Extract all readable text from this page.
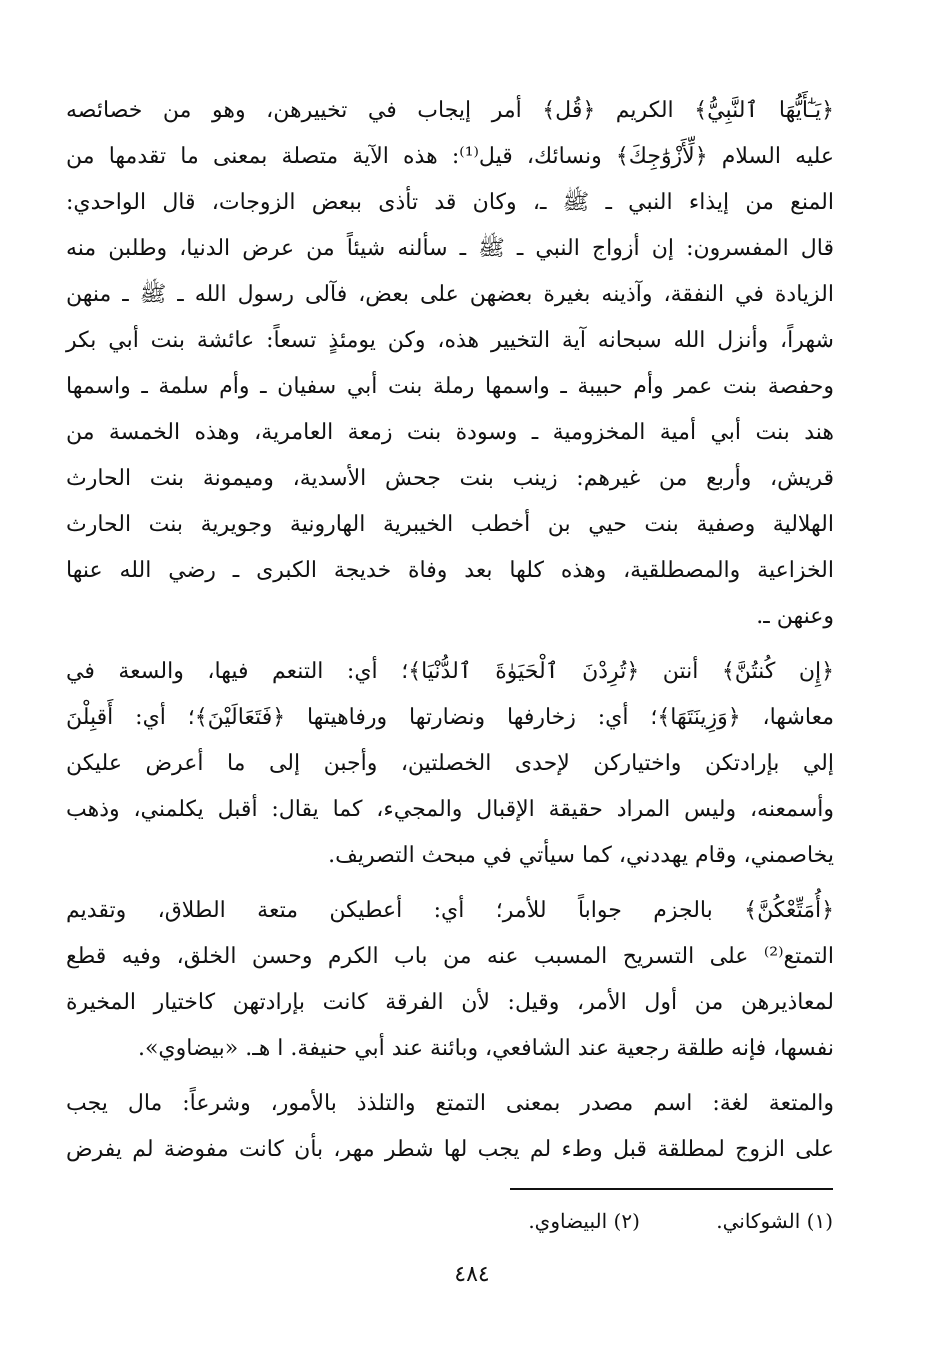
﴿يَـٰٓأَيُّهَا ٱلنَّبِيُّ﴾ الكريم ﴿قُل﴾ أمر إيجاب في تخييرهن، وهو من خصائصه
عليه السلام ﴿لِّأَزْوَٰجِكَ﴾ ونسائك، قيل⁽¹⁾: هذه الآية متصلة بمعنى ما تقدمها من
المنع من إيذاء النبي ـ ﷺ ـ، وكان قد تأذى ببعض الزوجات، قال الواحدي:
قال المفسرون: إن أزواج النبي ـ ﷺ ـ سألنه شيئاً من عرض الدنيا، وطلبن منه
الزيادة في النفقة، وآذينه بغيرة بعضهن على بعض، فآلى رسول الله ـ ﷺ ـ منهن
شهراً، وأنزل الله سبحانه آية التخيير هذه، وكن يومئذٍ تسعاً: عائشة بنت أبي بكر
وحفصة بنت عمر وأم حبيبة ـ واسمها رملة بنت أبي سفيان ـ وأم سلمة ـ واسمها
هند بنت أبي أمية المخزومية ـ وسودة بنت زمعة العامرية، وهذه الخمسة من
قريش، وأربع من غيرهم: زينب بنت جحش الأسدية، وميمونة بنت الحارث
الهلالية وصفية بنت حيي بن أخطب الخيبرية الهارونية وجويرية بنت الحارث
الخزاعية والمصطلقية، وهذه كلها بعد وفاة خديجة الكبرى ـ رضي الله عنها
وعنهن ـ.
﴿إِن كُنتُنَّ﴾ أنتن ﴿تُرِدْنَ ٱلْحَيَوٰةَ ٱلدُّنْيَا﴾؛ أي: التنعم فيها، والسعة في
معاشها، ﴿وَزِينَتَهَا﴾؛ أي: زخارفها ونضارتها ورفاهيتها ﴿فَتَعَالَيْنَ﴾؛ أي: أَقبِلْنَ
إلي بإرادتكن واختياركن لإحدى الخصلتين، وأجبن إلى ما أعرض عليكن
وأسمعنه، وليس المراد حقيقة الإقبال والمجيء، كما يقال: أقبل يكلمني، وذهب
يخاصمني، وقام يهددني، كما سيأتي في مبحث التصريف.
﴿أُمَتِّعْكُنَّ﴾ بالجزم جواباً للأمر؛ أي: أعطيكن متعة الطلاق، وتقديم
التمتع⁽²⁾ على التسريح المسبب عنه من باب الكرم وحسن الخلق، وفيه قطع
لمعاذيرهن من أول الأمر، وقيل: لأن الفرقة كانت بإرادتهن كاختيار المخيرة
نفسها، فإنه طلقة رجعية عند الشافعي، وبائنة عند أبي حنيفة. ا هـ. «بيضاوي».
والمتعة لغة: اسم مصدر بمعنى التمتع والتلذذ بالأمور، وشرعاً: مال يجب
على الزوج لمطلقة قبل وطء لم يجب لها شطر مهر، بأن كانت مفوضة لم يفرض
(١) الشوكاني. (٢) البيضاوي.
٤٨٤
